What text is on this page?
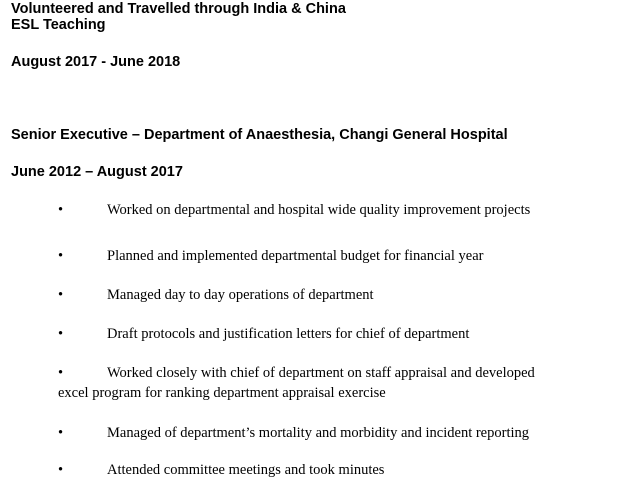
Volunteered and Travelled through India & China
ESL Teaching
August 2017 - June 2018
Senior Executive – Department of Anaesthesia, Changi General Hospital
June 2012 – August 2017
•	Worked on departmental and hospital wide quality improvement projects
•	Planned and implemented departmental budget for financial year
•	Managed day to day operations of department
•	Draft protocols and justification letters for chief of department
•	Worked closely with chief of department on staff appraisal and developed
excel program for ranking department appraisal exercise
•	Managed of department’s mortality and morbidity and incident reporting
•	Attended committee meetings and took minutes
